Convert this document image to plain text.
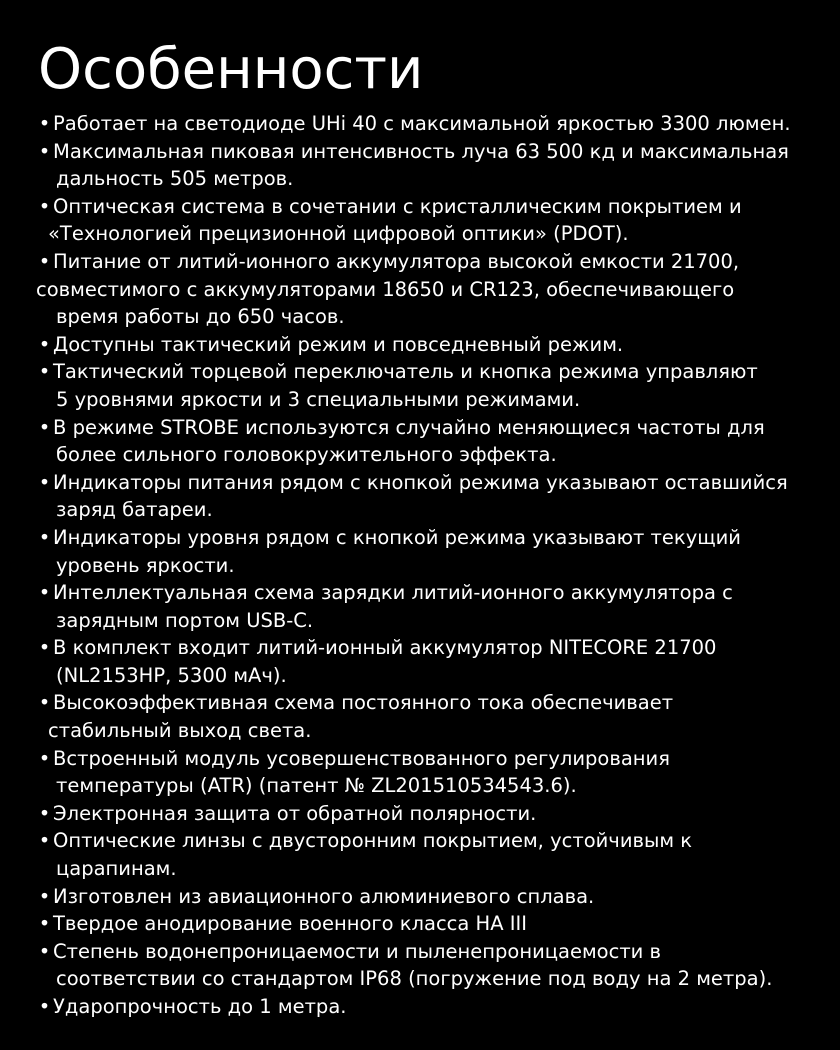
Особенности
• Работает на светодиоде UHi 40 с максимальной яркостью 3300 люмен.
• Максимальная пиковая интенсивность луча 63 500 кд и максимальная
дальность 505 метров.
• Оптическая система в сочетании с кристаллическим покрытием и
«Технологией прецизионной цифровой оптики» (PDOT).
• Питание от литий-ионного аккумулятора высокой емкости 21700,
совместимого с аккумуляторами 18650 и CR123, обеспечивающего
время работы до 650 часов.
• Доступны тактический режим и повседневный режим.
• Тактический торцевой переключатель и кнопка режима управляют
5 уровнями яркости и 3 специальными режимами.
• В режиме STROBE используются случайно меняющиеся частоты для
более сильного головокружительного эффекта.
• Индикаторы питания рядом с кнопкой режима указывают оставшийся
заряд батареи.
• Индикаторы уровня рядом с кнопкой режима указывают текущий
уровень яркости.
• Интеллектуальная схема зарядки литий-ионного аккумулятора с
зарядным портом USB-C.
• В комплект входит литий-ионный аккумулятор NITECORE 21700
(NL2153HP, 5300 мАч).
• Высокоэффективная схема постоянного тока обеспечивает
стабильный выход света.
• Встроенный модуль усовершенствованного регулирования
температуры (ATR) (патент № ZL201510534543.6).
• Электронная защита от обратной полярности.
• Оптические линзы с двусторонним покрытием, устойчивым к
царапинам.
• Изготовлен из авиационного алюминиевого сплава.
• Твердое анодирование военного класса HA III
• Степень водонепроницаемости и пыленепроницаемости в
соответствии со стандартом IP68 (погружение под воду на 2 метра).
• Ударопрочность до 1 метра.
